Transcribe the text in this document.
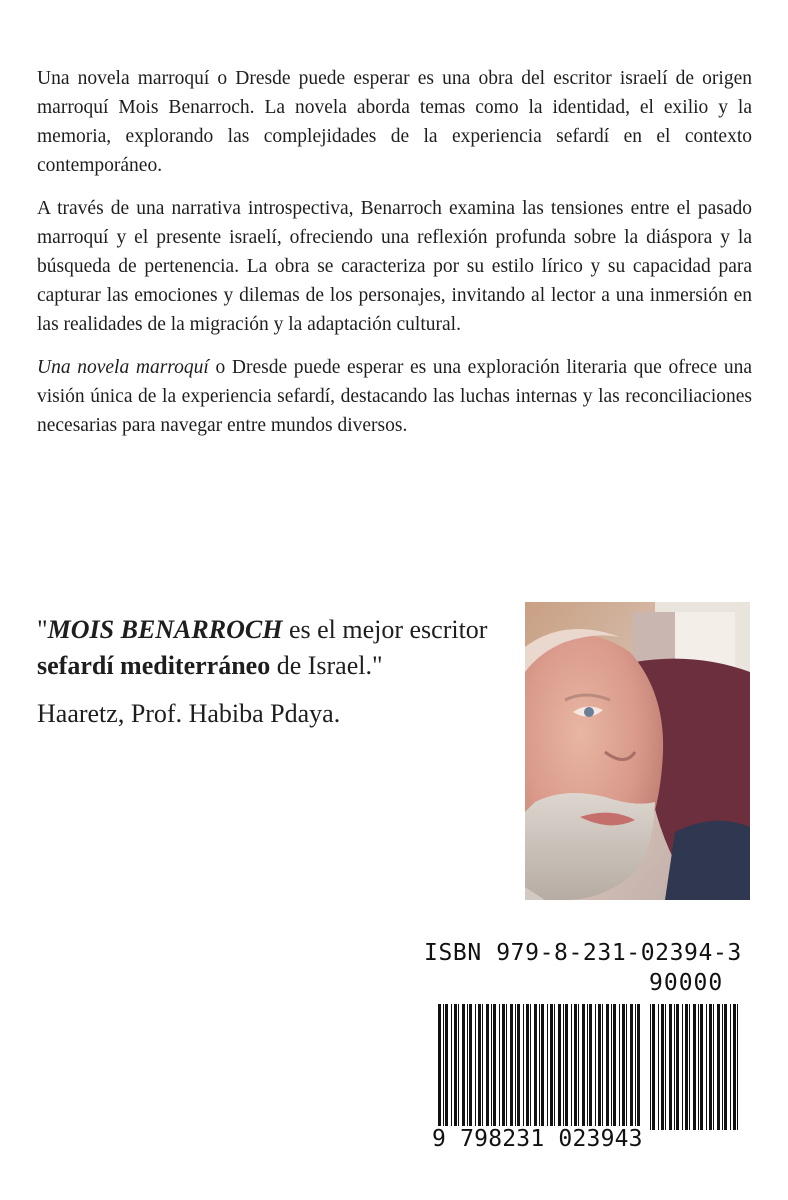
Una novela marroquí o Dresde puede esperar es una obra del escritor israelí de origen marroquí Mois Benarroch. La novela aborda temas como la identidad, el exilio y la memoria, explorando las complejidades de la experiencia sefardí en el contexto contemporáneo.

A través de una narrativa introspectiva, Benarroch examina las tensiones entre el pasado marroquí y el presente israelí, ofreciendo una reflexión profunda sobre la diáspora y la búsqueda de pertenencia. La obra se caracteriza por su estilo lírico y su capacidad para capturar las emociones y dilemas de los personajes, invitando al lector a una inmersión en las realidades de la migración y la adaptación cultural.

Una novela marroquí o Dresde puede esperar es una exploración literaria que ofrece una visión única de la experiencia sefardí, destacando las luchas internas y las reconciliaciones necesarias para navegar entre mundos diversos.

"MOIS BENARROCH es el mejor escritor sefardí mediterráneo de Israel."

Haaretz, Prof. Habiba Pdaya.

ISBN 979-8-231-02394-3
90000
9 798231 023943
